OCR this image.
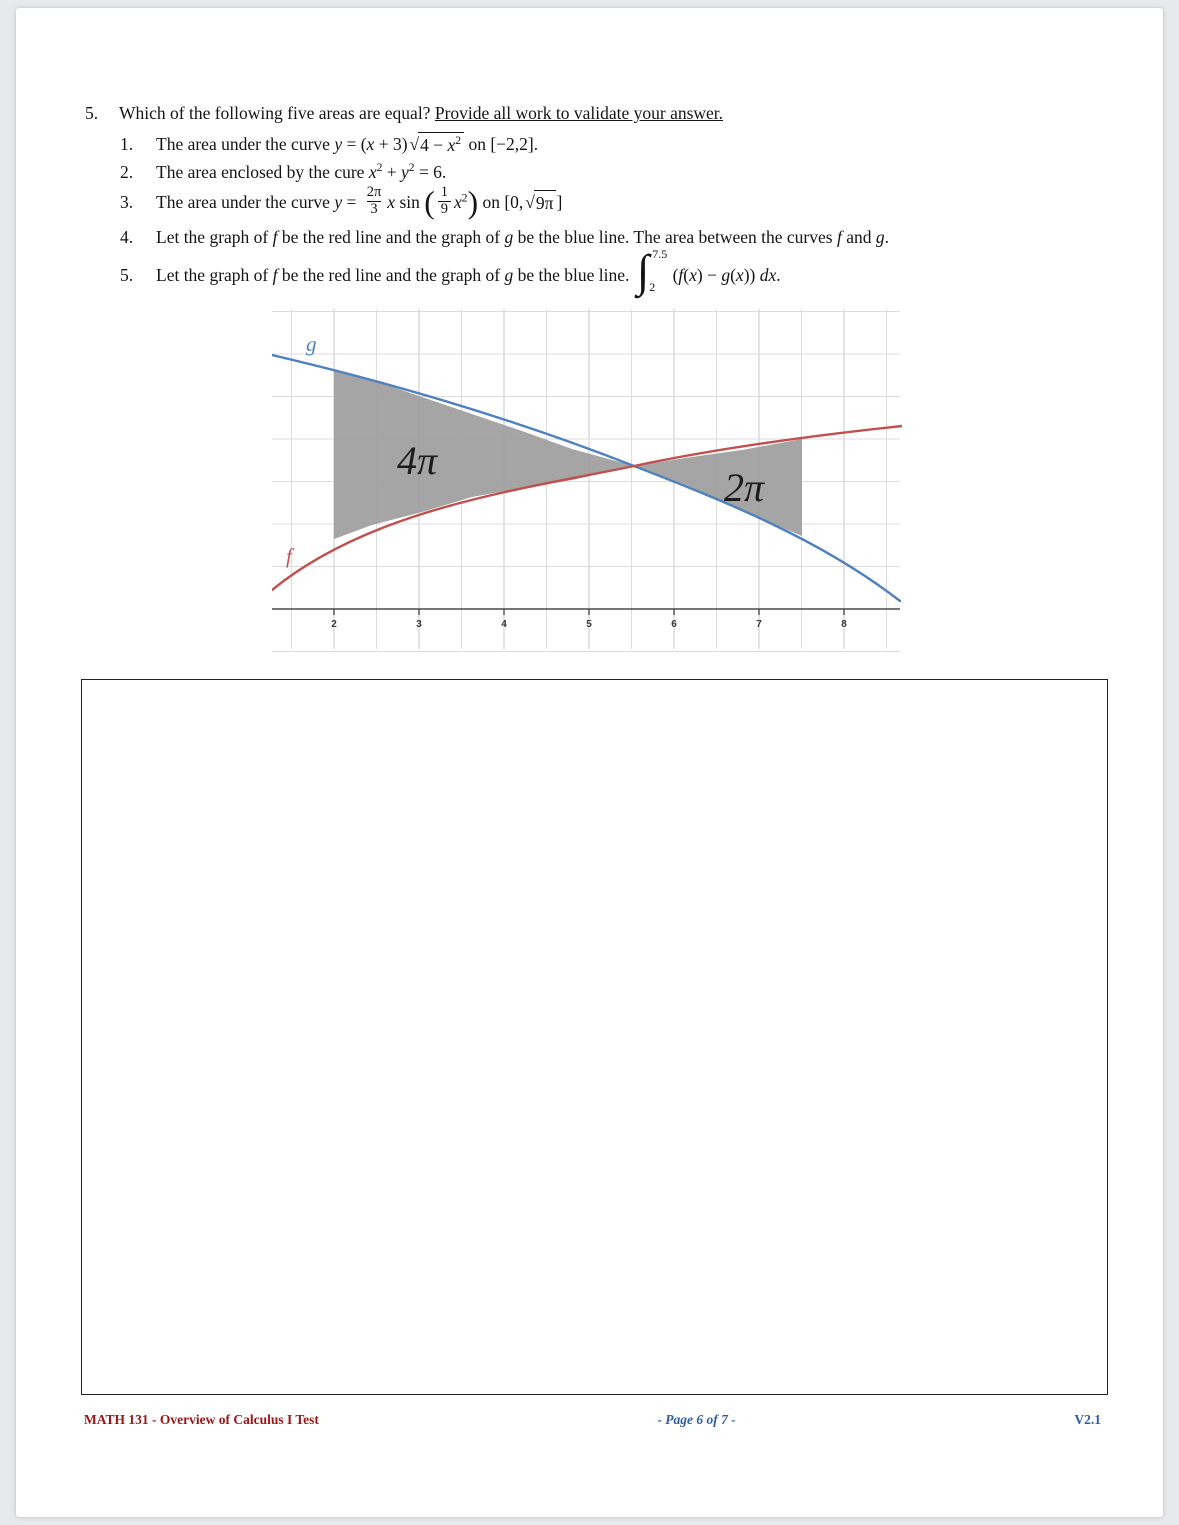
5.	Which of the following five areas are equal? Provide all work to validate your answer.
1.	The area under the curve y = (x + 3) √ $4 - x^2$ on [−2,2].
2.	The area enclosed by the cure $x^2 + y^2 = 6$.
3.	The area under the curve $y = \frac{2\pi}{3}$ x sin ( $\frac{1}{9} x^2$) on [0, √ 9π ]
4.	Let the graph of f be the red line and the graph of g be the blue line. The area between the curves f and g.
5.	Let the graph of f be the red line and the graph of g be the blue line. ∫ 7.5
2
(f(x) − g(x)) dx.
2	3	4	5	6	7	8
g
f
4π
2π
MATH 131 - Overview of Calculus I Test	- Page 6 of 7 -	V2.1
